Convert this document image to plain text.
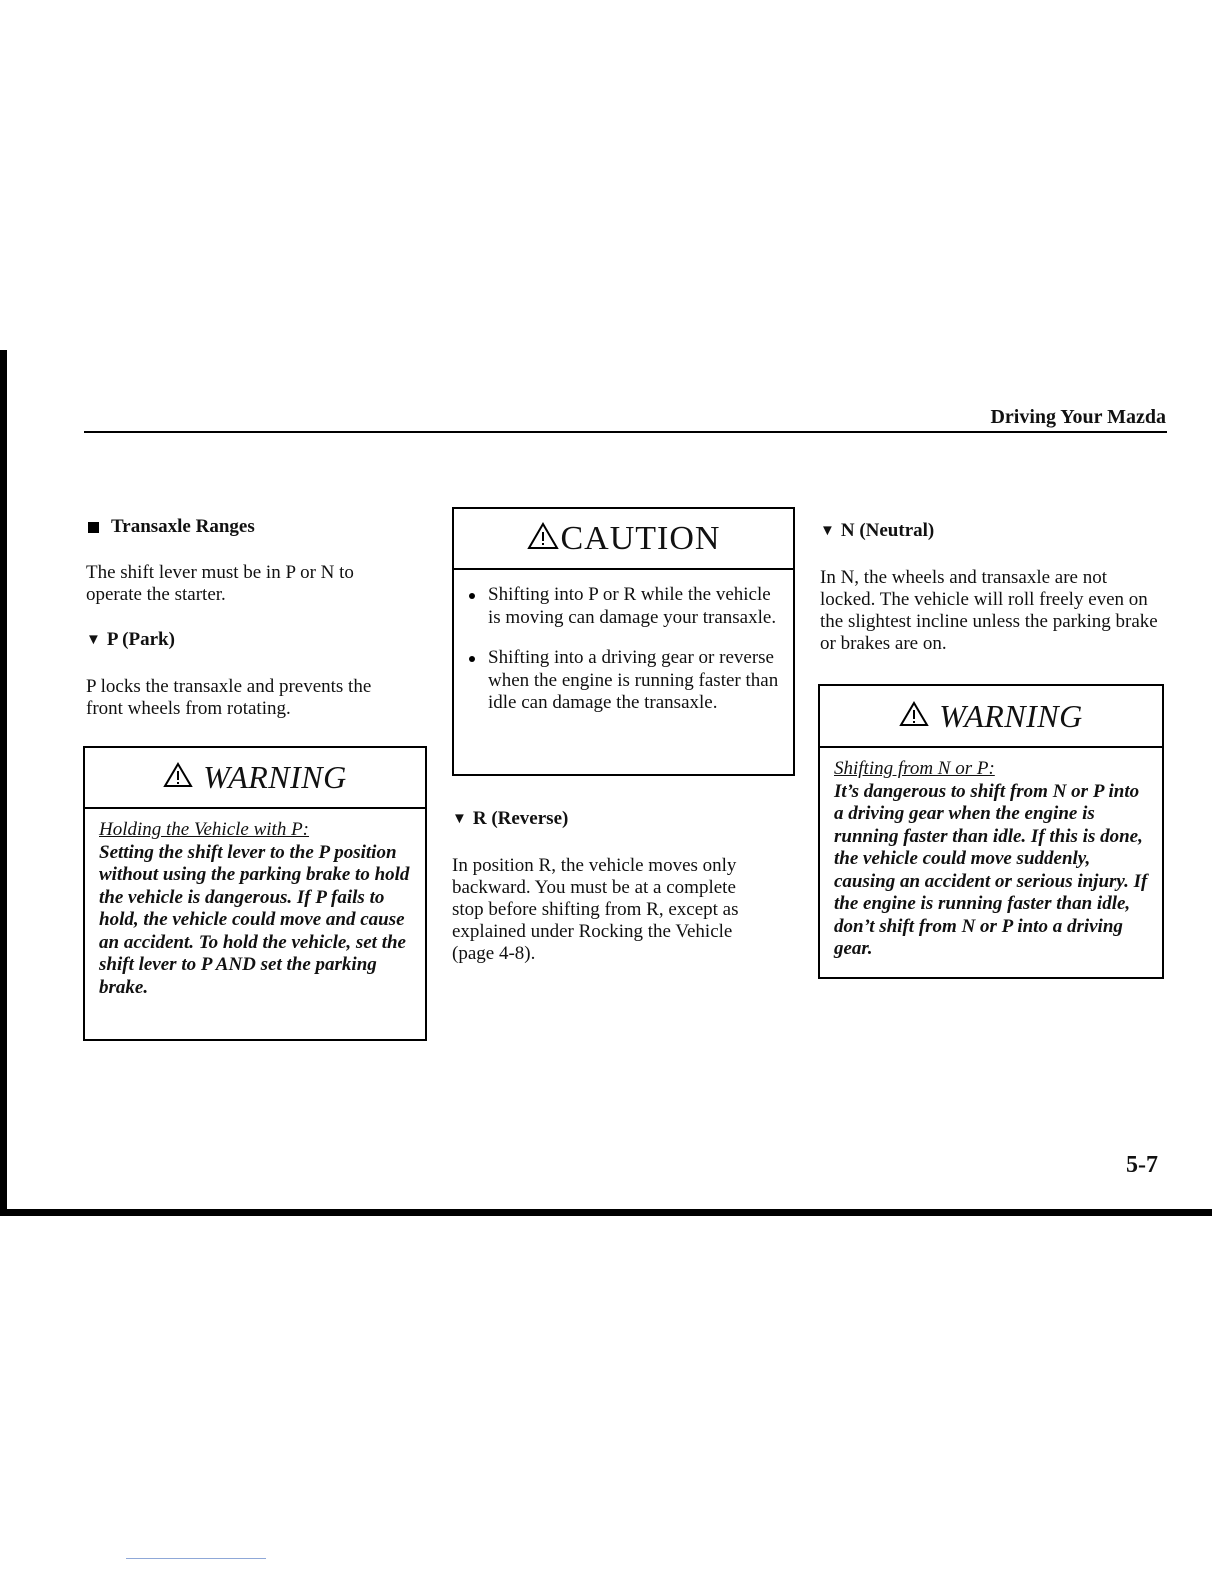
Driving Your Mazda
Transaxle Ranges

The shift lever must be in P or N to operate the starter.

▼ P (Park)

P locks the transaxle and prevents the front wheels from rotating.

WARNING

Holding the Vehicle with P:

Setting the shift lever to the P position without using the parking brake to hold the vehicle is dangerous. If P fails to hold, the vehicle could move and cause an accident. To hold the vehicle, set the shift lever to P AND set the parking brake.

CAUTION
Shifting into P or R while the vehicle is moving can damage your transaxle.
Shifting into a driving gear or reverse when the engine is running faster than idle can damage the transaxle.
▼ R (Reverse)

In position R, the vehicle moves only backward. You must be at a complete stop before shifting from R, except as explained under Rocking the Vehicle (page 4-8).

▼ N (Neutral)

In N, the wheels and transaxle are not locked. The vehicle will roll freely even on the slightest incline unless the parking brake or brakes are on.

WARNING

Shifting from N or P:

It’s dangerous to shift from N or P into a driving gear when the engine is running faster than idle. If this is done, the vehicle could move suddenly, causing an accident or serious injury. If the engine is running faster than idle, don’t shift from N or P into a driving gear.

5-7
